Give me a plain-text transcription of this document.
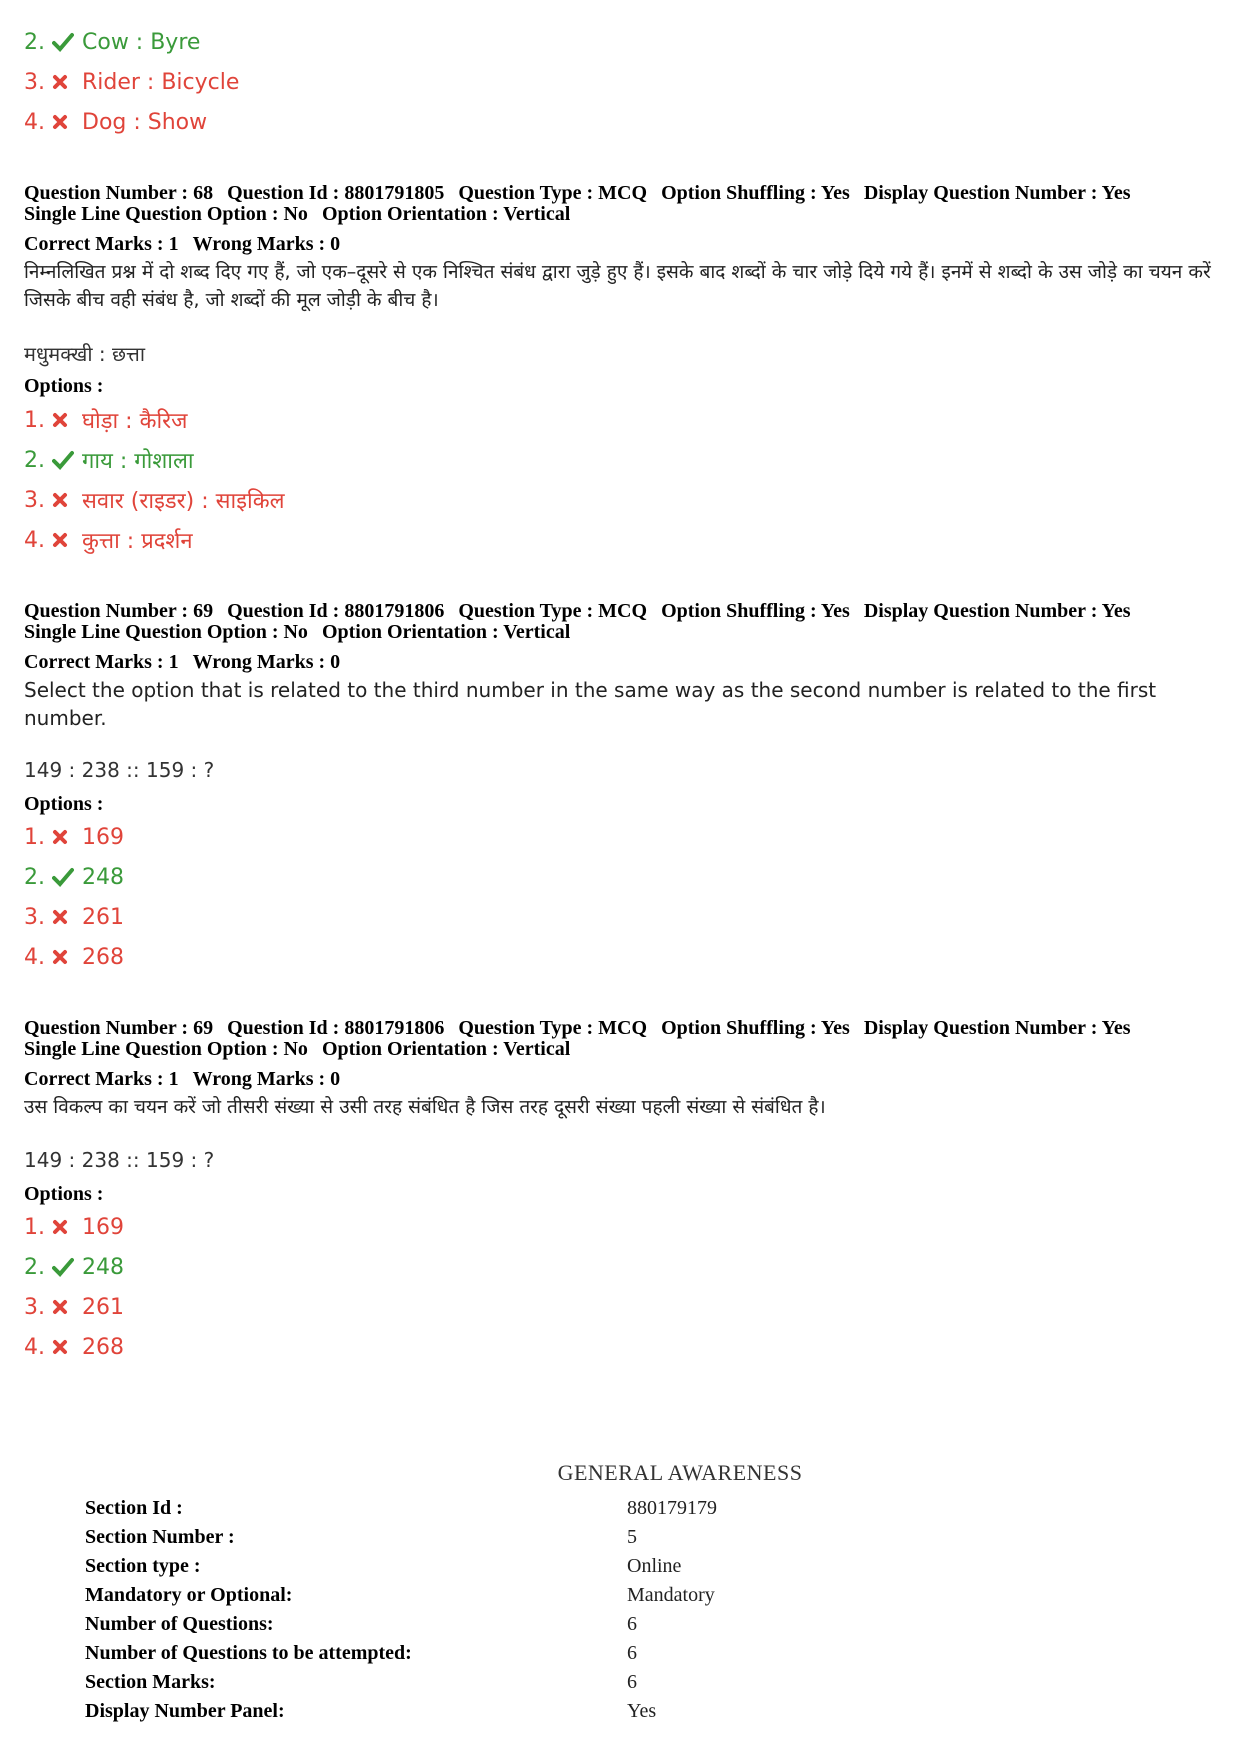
2.	Cow : Byre
3.	Rider : Bicycle
4.	Dog : Show
Question Number : 68 Question Id : 8801791805 Question Type : MCQ Option Shuffling : Yes Display Question Number : Yes
Single Line Question Option : No Option Orientation : Vertical
Correct Marks : 1 Wrong Marks : 0
निम्नलिखित प्रश्न में दो शब्द दिए गए हैं, जो एक–दूसरे से एक निश्चित संबंध द्वारा जुड़े हुए हैं। इसके बाद शब्दों के चार जोड़े दिये गये हैं। इनमें से शब्दो के उस जोड़े का चयन करें जिसके बीच वही संबंध है, जो शब्दों की मूल जोड़ी के बीच है।
मधुमक्खी : छत्ता
Options :
1.	घोड़ा : कैरिज
2.	गाय : गोशाला
3.	सवार (राइडर) : साइकिल
4.	कुत्ता : प्रदर्शन
Question Number : 69 Question Id : 8801791806 Question Type : MCQ Option Shuffling : Yes Display Question Number : Yes
Single Line Question Option : No Option Orientation : Vertical
Correct Marks : 1 Wrong Marks : 0
Select the option that is related to the third number in the same way as the second number is related to the first number.
149 : 238 :: 159 : ?
Options :
1.	169
2.	248
3.	261
4.	268
Question Number : 69 Question Id : 8801791806 Question Type : MCQ Option Shuffling : Yes Display Question Number : Yes
Single Line Question Option : No Option Orientation : Vertical
Correct Marks : 1 Wrong Marks : 0
उस विकल्प का चयन करें जो तीसरी संख्या से उसी तरह संबंधित है जिस तरह दूसरी संख्या पहली संख्या से संबंधित है।
149 : 238 :: 159 : ?
Options :
1.	169
2.	248
3.	261
4.	268
GENERAL AWARENESS
Section Id :	880179179
Section Number :	5
Section type :	Online
Mandatory or Optional:	Mandatory
Number of Questions:	6
Number of Questions to be attempted:	6
Section Marks:	6
Display Number Panel:	Yes
